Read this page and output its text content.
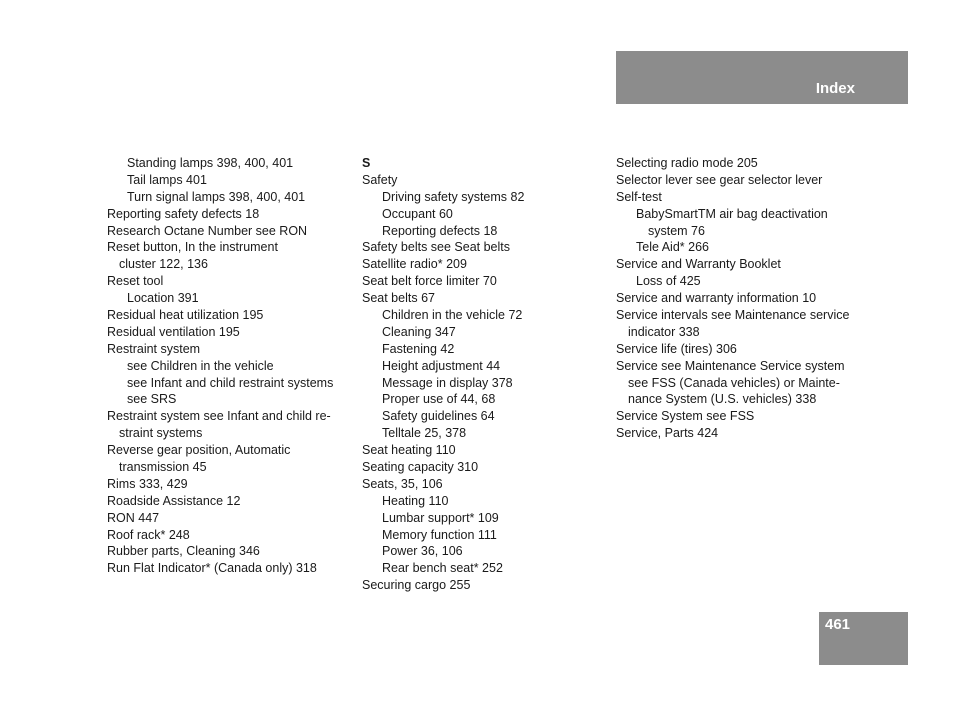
Index
Standing lamps 398, 400, 401
Tail lamps 401
Turn signal lamps 398, 400, 401
Reporting safety defects 18
Research Octane Number see RON
Reset button, In the instrument
cluster 122, 136
Reset tool
Location 391
Residual heat utilization 195
Residual ventilation 195
Restraint system
see Children in the vehicle
see Infant and child restraint systems
see SRS
Restraint system see Infant and child re-
straint systems
Reverse gear position, Automatic
transmission 45
Rims 333, 429
Roadside Assistance 12
RON 447
Roof rack* 248
Rubber parts, Cleaning 346
Run Flat Indicator* (Canada only) 318
S
Safety
Driving safety systems 82
Occupant 60
Reporting defects 18
Safety belts see Seat belts
Satellite radio* 209
Seat belt force limiter 70
Seat belts 67
Children in the vehicle 72
Cleaning 347
Fastening 42
Height adjustment 44
Message in display 378
Proper use of 44, 68
Safety guidelines 64
Telltale 25, 378
Seat heating 110
Seating capacity 310
Seats, 35, 106
Heating 110
Lumbar support* 109
Memory function 111
Power 36, 106
Rear bench seat* 252
Securing cargo 255
Selecting radio mode 205
Selector lever see gear selector lever
Self-test
BabySmartTM air bag deactivation
system 76
Tele Aid* 266
Service and Warranty Booklet
Loss of 425
Service and warranty information 10
Service intervals see Maintenance service
indicator 338
Service life (tires) 306
Service see Maintenance Service system
see FSS (Canada vehicles) or Mainte-
nance System (U.S. vehicles) 338
Service System see FSS
Service, Parts 424
461
